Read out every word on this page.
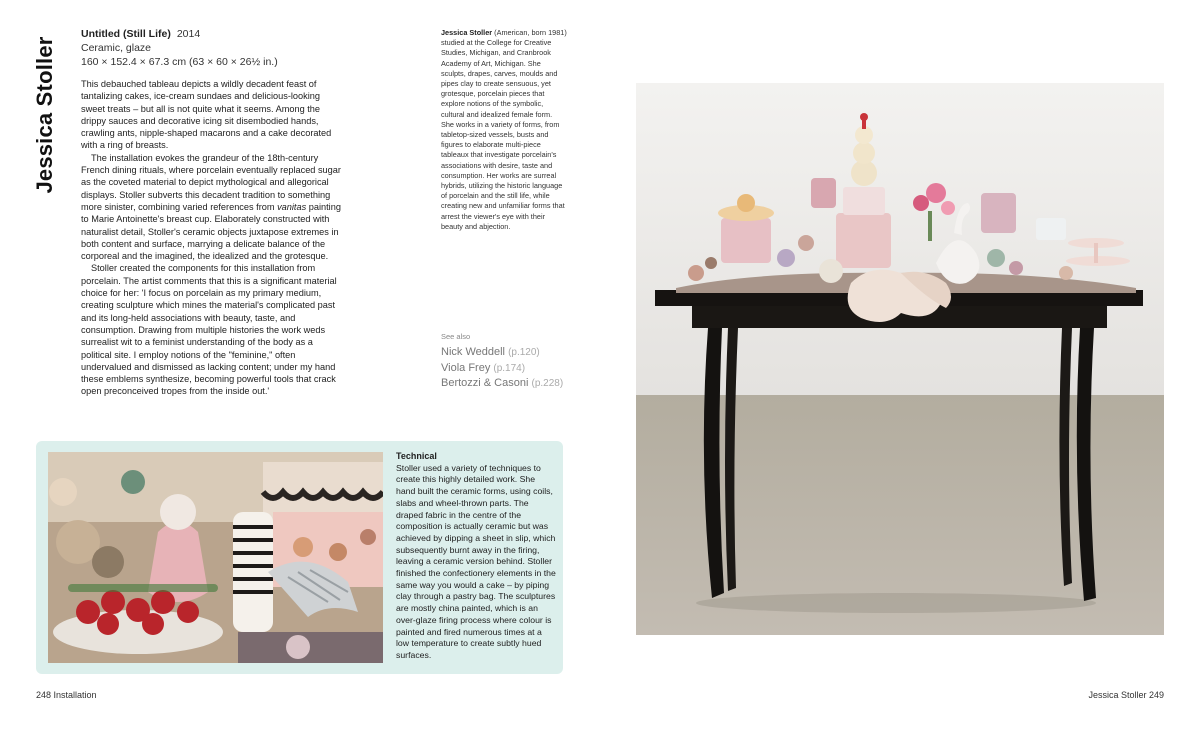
Jessica Stoller
Untitled (Still Life) 2014
Ceramic, glaze
160 × 152.4 × 67.3 cm (63 × 60 × 26½ in.)

This debauched tableau depicts a wildly decadent feast of tantalizing cakes, ice-cream sundaes and delicious-looking sweet treats – but all is not quite what it seems. Among the drippy sauces and decorative icing sit disembodied hands, crawling ants, nipple-shaped macarons and a cake decorated with a ring of breasts.

The installation evokes the grandeur of the 18th-century French dining rituals, where porcelain eventually replaced sugar as the coveted material to depict mythological and allegorical displays. Stoller subverts this decadent tradition to something more sinister, combining varied references from vanitas painting to Marie Antoinette's breast cup. Elaborately constructed with naturalist detail, Stoller's ceramic objects juxtapose extremes in both content and surface, marrying a delicate balance of the corporeal and the imagined, the idealized and the grotesque.

Stoller created the components for this installation from porcelain. The artist comments that this is a significant material choice for her: 'I focus on porcelain as my primary medium, creating sculpture which mines the material's complicated past and its long-held associations with beauty, taste, and consumption. Drawing from multiple histories the work weds surrealist wit to a feminist understanding of the body as a political site. I employ notions of the "feminine," often undervalued and dismissed as lacking content; under my hand these emblems synthesize, becoming powerful tools that crack open preconceived tropes from the inside out.'

Jessica Stoller (American, born 1981) studied at the College for Creative Studies, Michigan, and Cranbrook Academy of Art, Michigan. She sculpts, drapes, carves, moulds and pipes clay to create sensuous, yet grotesque, porcelain pieces that explore notions of the symbolic, cultural and idealized female form. She works in a variety of forms, from tabletop-sized vessels, busts and figures to elaborate multi-piece tableaux that investigate porcelain's associations with desire, taste and consumption. Her works are surreal hybrids, utilizing the historic language of porcelain and the still life, while creating new and unfamiliar forms that arrest the viewer's eye with their beauty and abjection.
See also
Nick Weddell (p.120)
Viola Frey (p.174)
Bertozzi & Casoni (p.228)
Technical
Stoller used a variety of techniques to create this highly detailed work. She hand built the ceramic forms, using coils, slabs and wheel-thrown parts. The draped fabric in the centre of the composition is actually ceramic but was achieved by dipping a sheet in slip, which subsequently burnt away in the firing, leaving a ceramic version behind. Stoller finished the confectionery elements in the same way you would a cake – by piping clay through a pastry bag. The sculptures are mostly china painted, which is an over-glaze firing process where colour is painted and fired numerous times at a low temperature to create subtly hued surfaces.
248 Installation	Jessica Stoller 249
